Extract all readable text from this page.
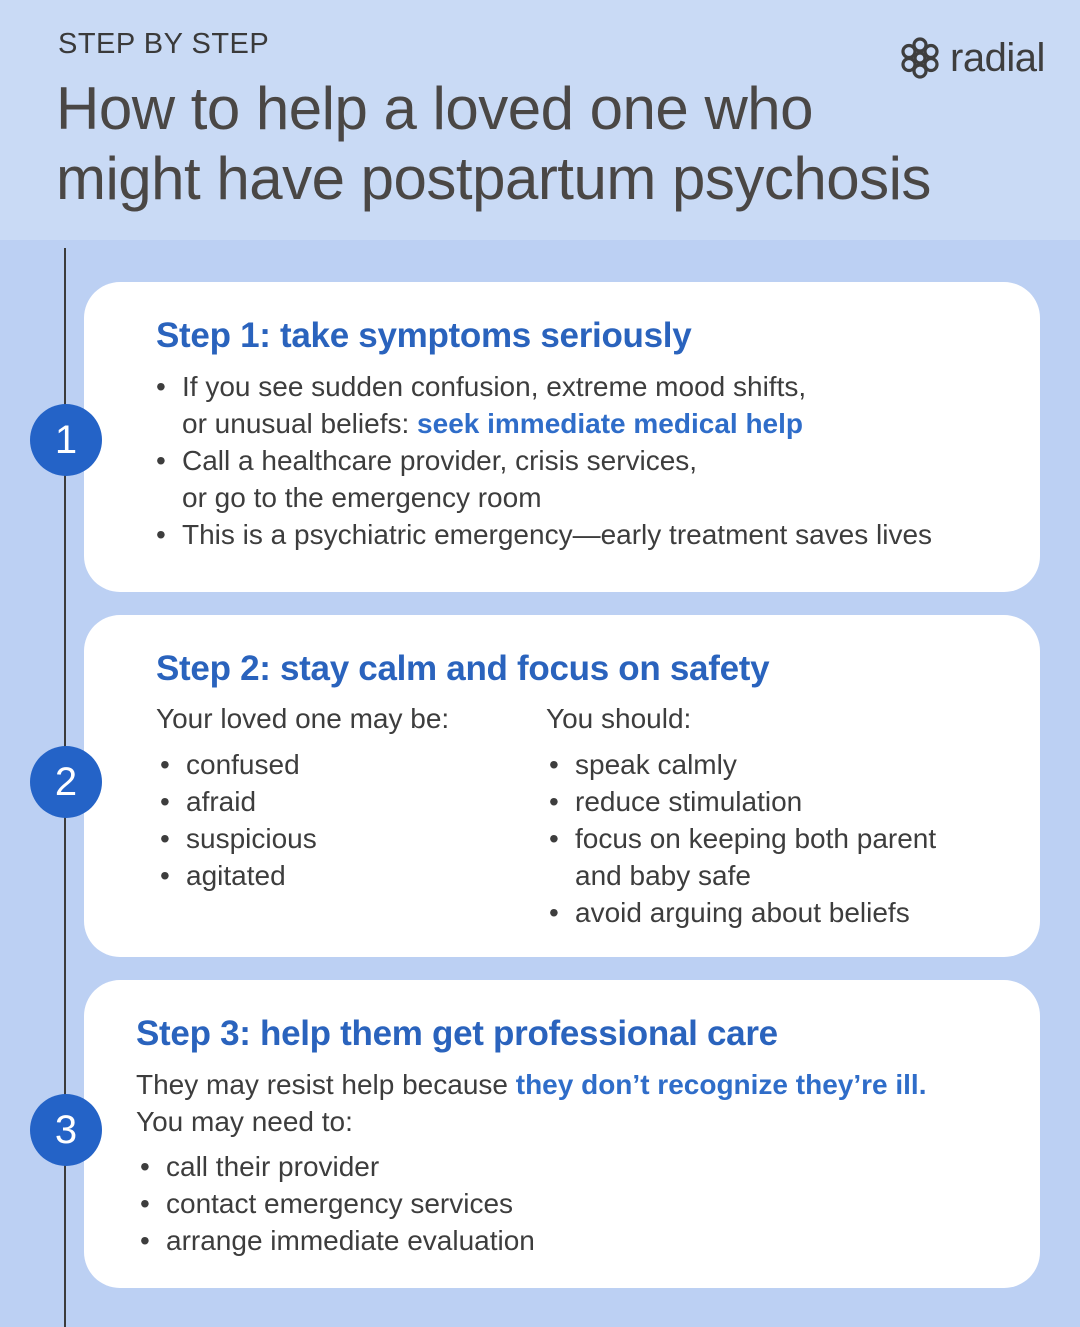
STEP BY STEP
How to help a loved one who
might have postpartum psychosis
radial
Step 1: take symptoms seriously
• If you see sudden confusion, extreme mood shifts,
or unusual beliefs: seek immediate medical help
• Call a healthcare provider, crisis services,
or go to the emergency room
• This is a psychiatric emergency—early treatment saves lives
1
Step 2: stay calm and focus on safety
Your loved one may be:
• confused
• afraid
• suspicious
• agitated
You should:
• speak calmly
• reduce stimulation
• focus on keeping both parent
and baby safe
• avoid arguing about beliefs
2
Step 3: help them get professional care
They may resist help because they don’t recognize they’re ill.
You may need to:
• call their provider
• contact emergency services
• arrange immediate evaluation
3
